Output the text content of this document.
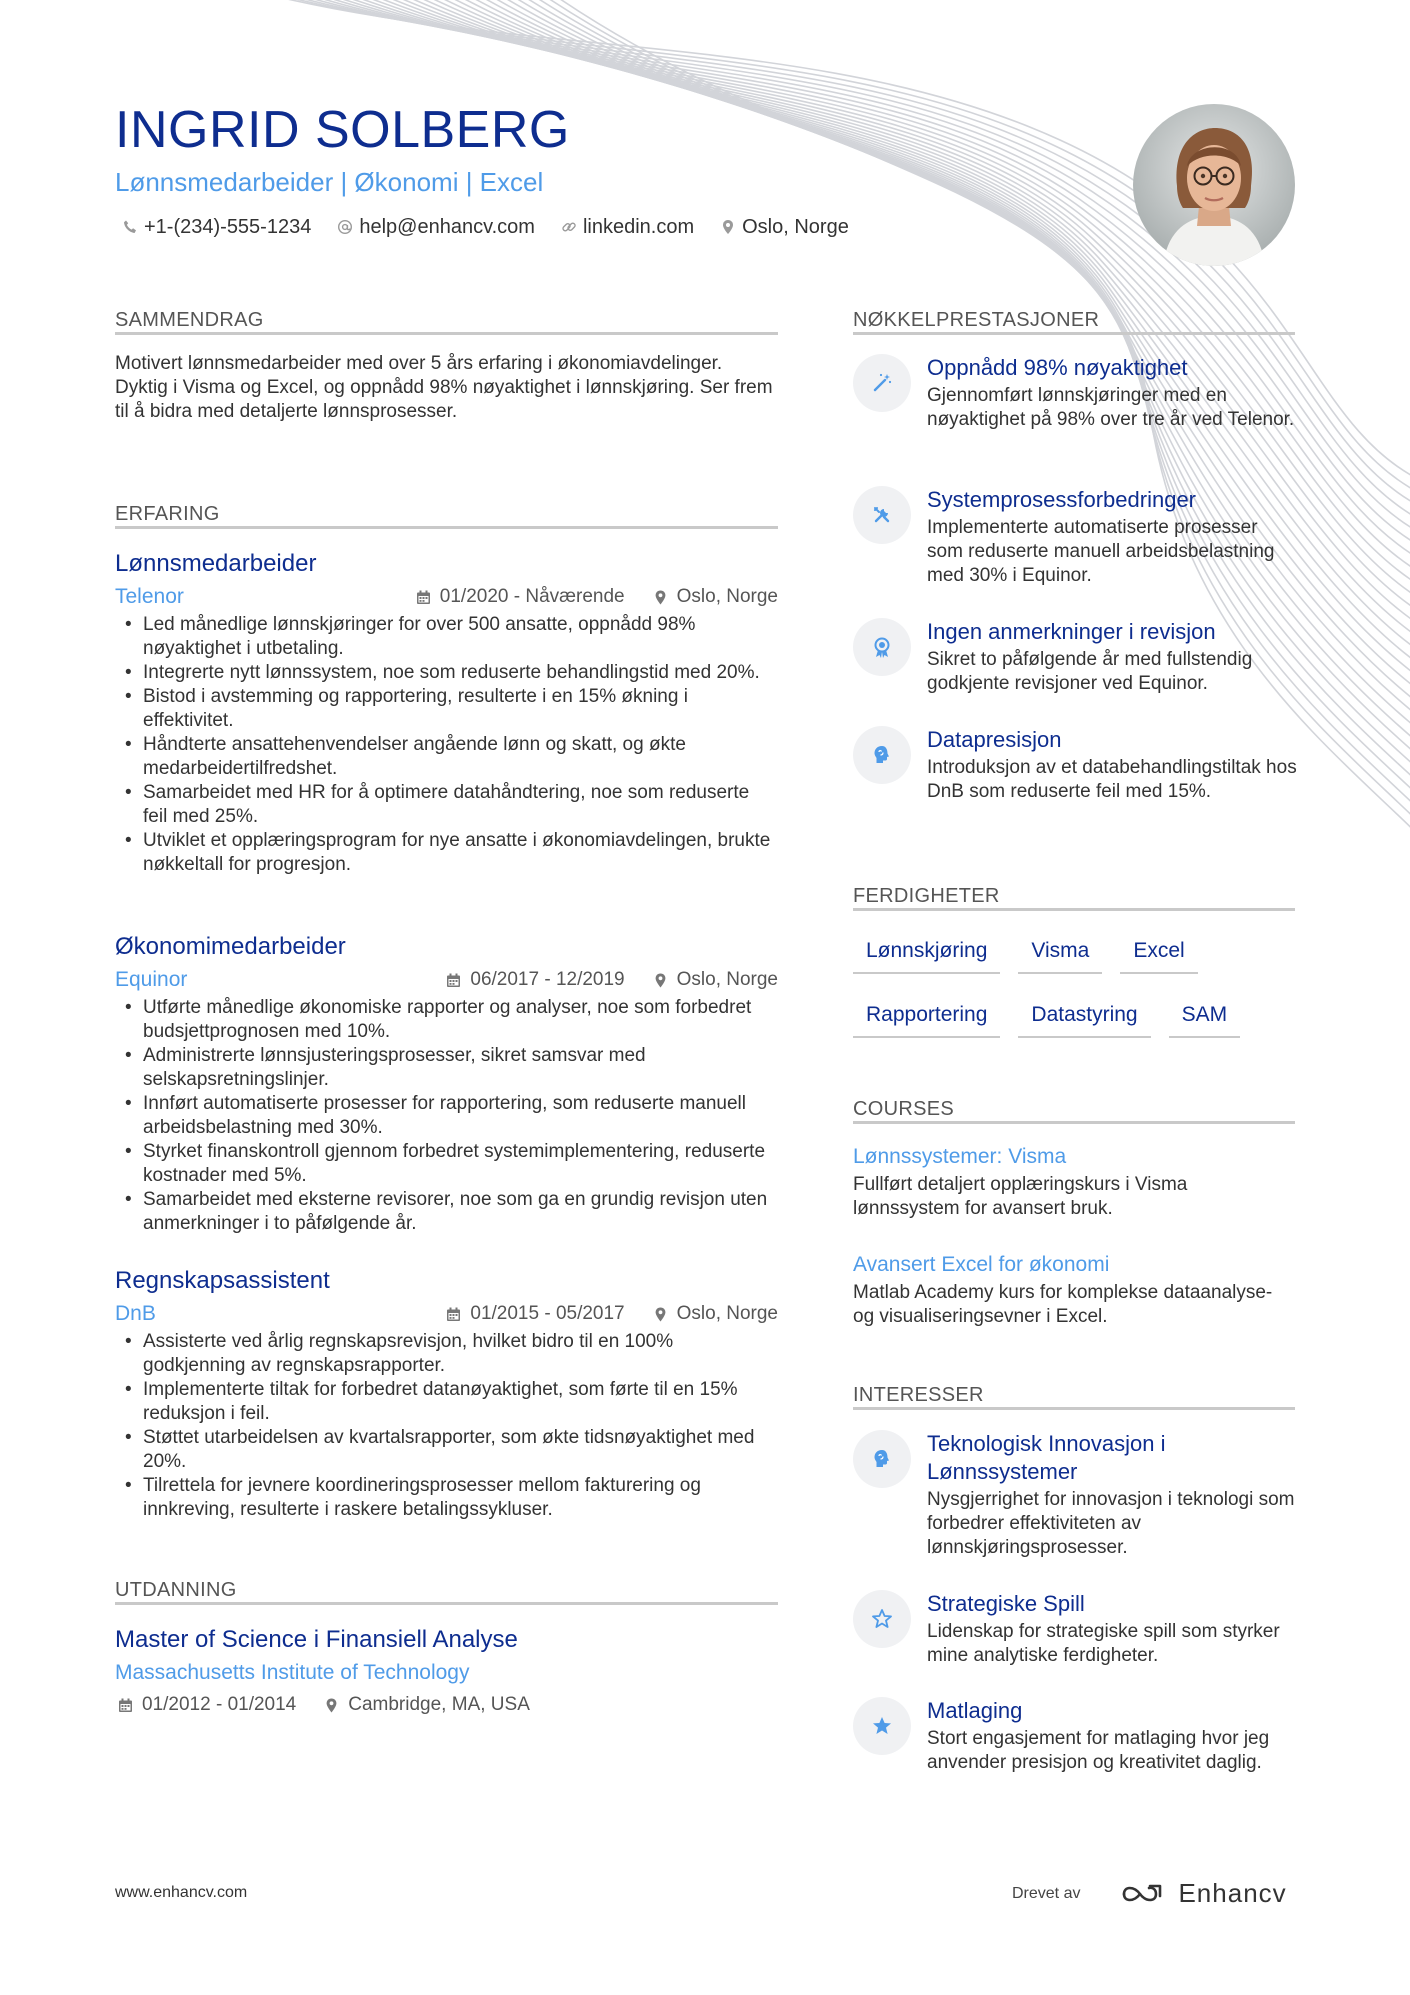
INGRID SOLBERG
Lønnsmedarbeider | Økonomi | Excel
+1-(234)-555-1234 help@enhancv.com linkedin.com Oslo, Norge
SAMMENDRAG
Motivert lønnsmedarbeider med over 5 års erfaring i økonomiavdelinger. Dyktig i Visma og Excel, og oppnådd 98% nøyaktighet i lønnskjøring. Ser frem til å bidra med detaljerte lønnsprosesser.
ERFARING
Lønnsmedarbeider
Telenor	01/2020 - Nåværende	Oslo, Norge
• Led månedlige lønnskjøringer for over 500 ansatte, oppnådd 98% nøyaktighet i utbetaling.
• Integrerte nytt lønnssystem, noe som reduserte behandlingstid med 20%.
• Bistod i avstemming og rapportering, resulterte i en 15% økning i effektivitet.
• Håndterte ansattehenvendelser angående lønn og skatt, og økte medarbeidertilfredshet.
• Samarbeidet med HR for å optimere datahåndtering, noe som reduserte feil med 25%.
• Utviklet et opplæringsprogram for nye ansatte i økonomiavdelingen, brukte nøkkeltall for progresjon.
Økonomimedarbeider
Equinor	06/2017 - 12/2019	Oslo, Norge
• Utførte månedlige økonomiske rapporter og analyser, noe som forbedret budsjettprognosen med 10%.
• Administrerte lønnsjusteringsprosesser, sikret samsvar med selskapsretningslinjer.
• Innført automatiserte prosesser for rapportering, som reduserte manuell arbeidsbelastning med 30%.
• Styrket finanskontroll gjennom forbedret systemimplementering, reduserte kostnader med 5%.
• Samarbeidet med eksterne revisorer, noe som ga en grundig revisjon uten anmerkninger i to påfølgende år.
Regnskapsassistent
DnB	01/2015 - 05/2017	Oslo, Norge
• Assisterte ved årlig regnskapsrevisjon, hvilket bidro til en 100% godkjenning av regnskapsrapporter.
• Implementerte tiltak for forbedret datanøyaktighet, som førte til en 15% reduksjon i feil.
• Støttet utarbeidelsen av kvartalsrapporter, som økte tidsnøyaktighet med 20%.
• Tilrettela for jevnere koordineringsprosesser mellom fakturering og innkreving, resulterte i raskere betalingssykluser.
UTDANNING
Master of Science i Finansiell Analyse
Massachusetts Institute of Technology
01/2012 - 01/2014	Cambridge, MA, USA
NØKKELPRESTASJONER
Oppnådd 98% nøyaktighet
Gjennomført lønnskjøringer med en nøyaktighet på 98% over tre år ved Telenor.
Systemprosessforbedringer
Implementerte automatiserte prosesser som reduserte manuell arbeidsbelastning med 30% i Equinor.
Ingen anmerkninger i revisjon
Sikret to påfølgende år med fullstendig godkjente revisjoner ved Equinor.
Datapresisjon
Introduksjon av et databehandlingstiltak hos DnB som reduserte feil med 15%.
FERDIGHETER
Lønnskjøring	Visma	Excel
Rapportering	Datastyring	SAM
COURSES
Lønnssystemer: Visma
Fullført detaljert opplæringskurs i Visma lønnssystem for avansert bruk.
Avansert Excel for økonomi
Matlab Academy kurs for komplekse dataanalyse- og visualiseringsevner i Excel.
INTERESSER
Teknologisk Innovasjon i Lønnssystemer
Nysgjerrighet for innovasjon i teknologi som forbedrer effektiviteten av lønnskjøringsprosesser.
Strategiske Spill
Lidenskap for strategiske spill som styrker mine analytiske ferdigheter.
Matlaging
Stort engasjement for matlaging hvor jeg anvender presisjon og kreativitet daglig.
www.enhancv.com	Drevet av	Enhancv
